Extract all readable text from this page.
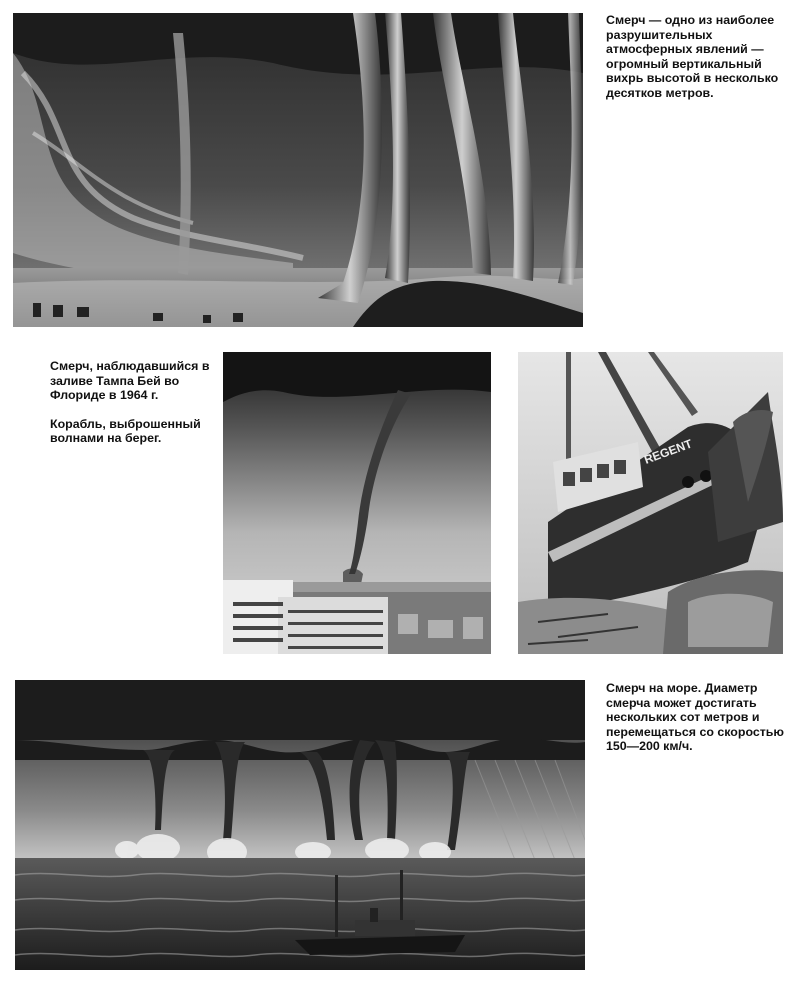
Смерч — одно из наиболее разрушительных атмосферных явлений — огромный вертикальный вихрь высотой в несколько десятков метров.

Смерч, наблюдавшийся в заливе Тампа Бей во Флориде в 1964 г.

Корабль, выброшенный волнами на берег.	REGENT

Смерч на море. Диаметр смерча может достигать нескольких сот метров и перемещаться со скоростью 150—200 км/ч.
